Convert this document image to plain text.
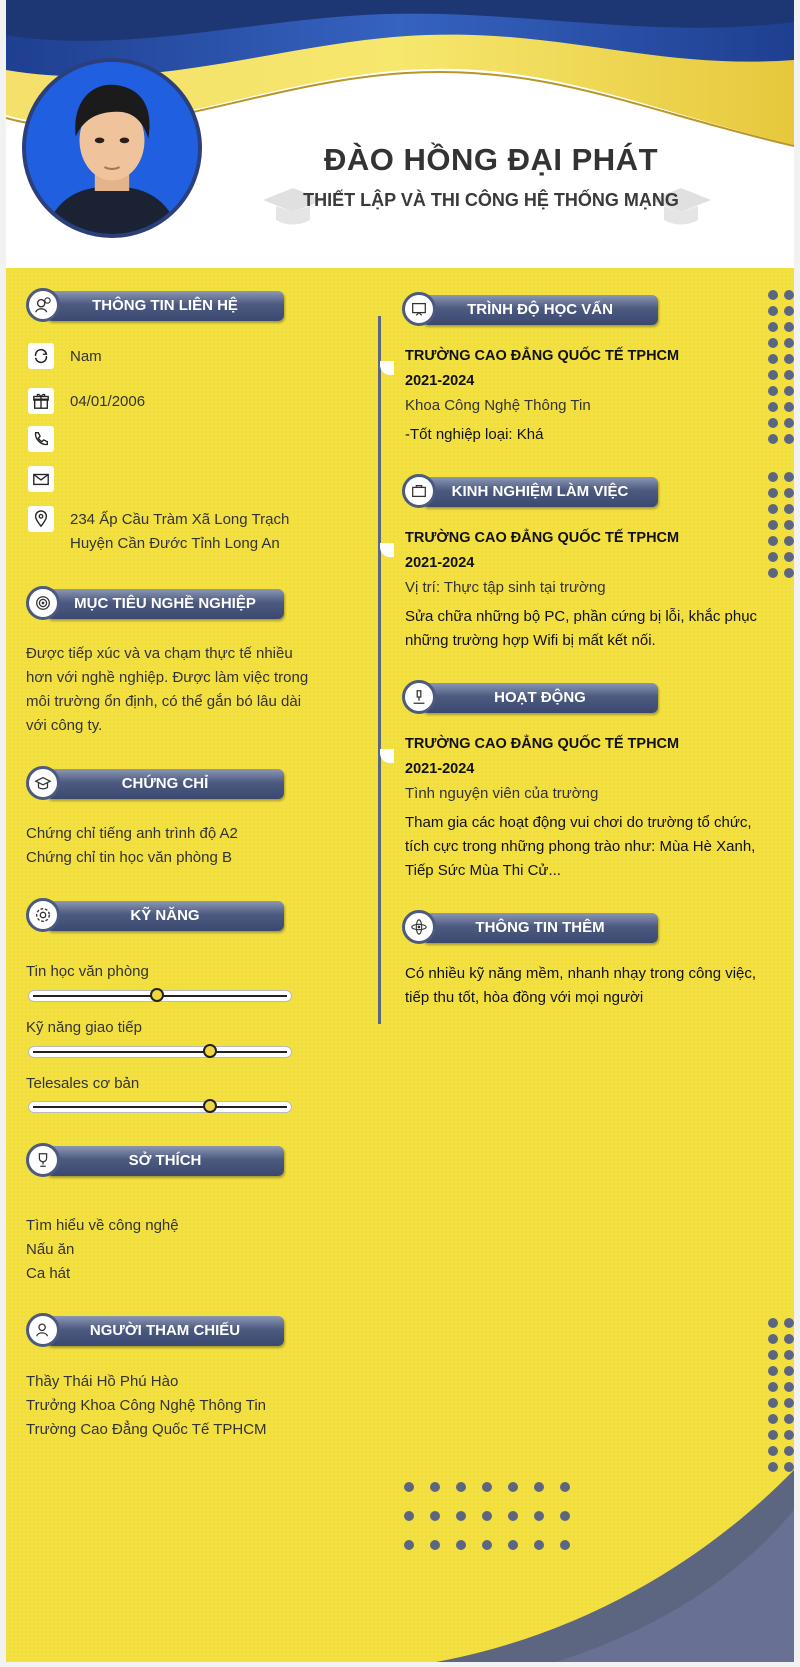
ĐÀO HỒNG ĐẠI PHÁT
THIẾT LẬP VÀ THI CÔNG HỆ THỐNG MẠNG
THÔNG TIN LIÊN HỆ
Nam
04/01/2006
234 Ấp Cầu Tràm Xã Long Trạch
Huyện Cần Đước Tỉnh Long An
MỤC TIÊU NGHỀ NGHIỆP
Được tiếp xúc và va chạm thực tế nhiều
hơn với nghề nghiệp. Được làm việc trong
môi trường ổn định, có thể gắn bó lâu dài
với công ty.
CHỨNG CHỈ
Chứng chỉ tiếng anh trình độ A2
Chứng chỉ tin học văn phòng B
KỸ NĂNG
Tin học văn phòng
Kỹ năng giao tiếp
Telesales cơ bản
SỞ THÍCH
Tìm hiểu về công nghệ
Nấu ăn
Ca hát
NGƯỜI THAM CHIẾU
Thầy Thái Hồ Phú Hào
Trưởng Khoa Công Nghệ Thông Tin
Trường Cao Đẳng Quốc Tế TPHCM
TRÌNH ĐỘ HỌC VẤN
TRƯỜNG CAO ĐẲNG QUỐC TẾ TPHCM
2021-2024
Khoa Công Nghệ Thông Tin
-Tốt nghiệp loại: Khá
KINH NGHIỆM LÀM VIỆC
TRƯỜNG CAO ĐẲNG QUỐC TẾ TPHCM
2021-2024
Vị trí: Thực tập sinh tại trường
Sửa chữa những bộ PC, phần cứng bị lỗi, khắc phục
những trường hợp Wifi bị mất kết nối.
HOẠT ĐỘNG
TRƯỜNG CAO ĐẲNG QUỐC TẾ TPHCM
2021-2024
Tình nguyện viên của trường
Tham gia các hoạt động vui chơi do trường tổ chức,
tích cực trong những phong trào như: Mùa Hè Xanh,
Tiếp Sức Mùa Thi Cử...
THÔNG TIN THÊM
Có nhiều kỹ năng mềm, nhanh nhạy trong công việc,
tiếp thu tốt, hòa đồng với mọi người
